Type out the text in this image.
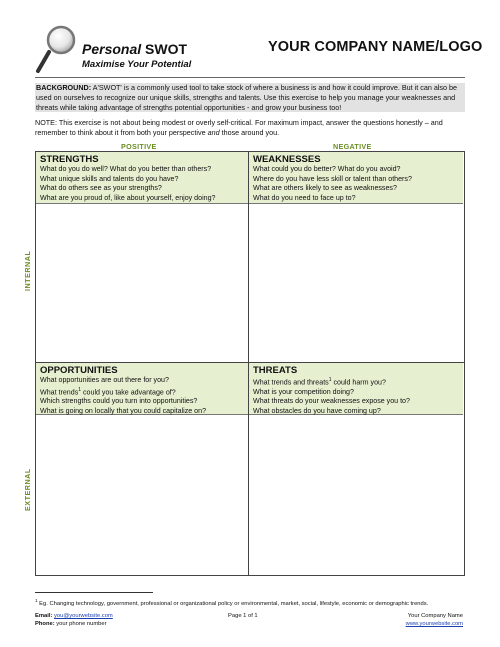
Personal SWOT
Maximise Your Potential
YOUR COMPANY NAME/LOGO
BACKGROUND: A'SWOT' is a commonly used tool to take stock of where a business is and how it could improve. But it can also be used on ourselves to recognize our unique skills, strengths and talents. Use this exercise to help you manage your weaknesses and threats while taking advantage of strengths potential opportunities - and grow your business too!
NOTE: This exercise is not about being modest or overly self-critical. For maximum impact, answer the questions honestly – and remember to think about it from both your perspective and those around you.
POSITIVE	NEGATIVE
INTERNAL
EXTERNAL
STRENGTHS
What do you do well? What do you better than others?
What unique skills and talents do you have?
What do others see as your strengths?
What are you proud of, like about yourself, enjoy doing?
WEAKNESSES
What could you do better? What do you avoid?
Where do you have less skill or talent than others?
What are others likely to see as weaknesses?
What do you need to face up to?
OPPORTUNITIES
What opportunities are out there for you?
What trends$^1$ could you take advantage of?
Which strengths could you turn into opportunities?
What is going on locally that you could capitalize on?
THREATS
What trends and threats$^1$ could harm you?
What is your competition doing?
What threats do your weaknesses expose you to?
What obstacles do you have coming up?
$^1$ Eg. Changing technology, government, professional or organizational policy or environmental, market, social, lifestyle, economic or demographic trends.
Email: you@yourwebsite.com
Phone: your phone number
Page 1 of 1	Your Company Name
www.yourwebsite.com
